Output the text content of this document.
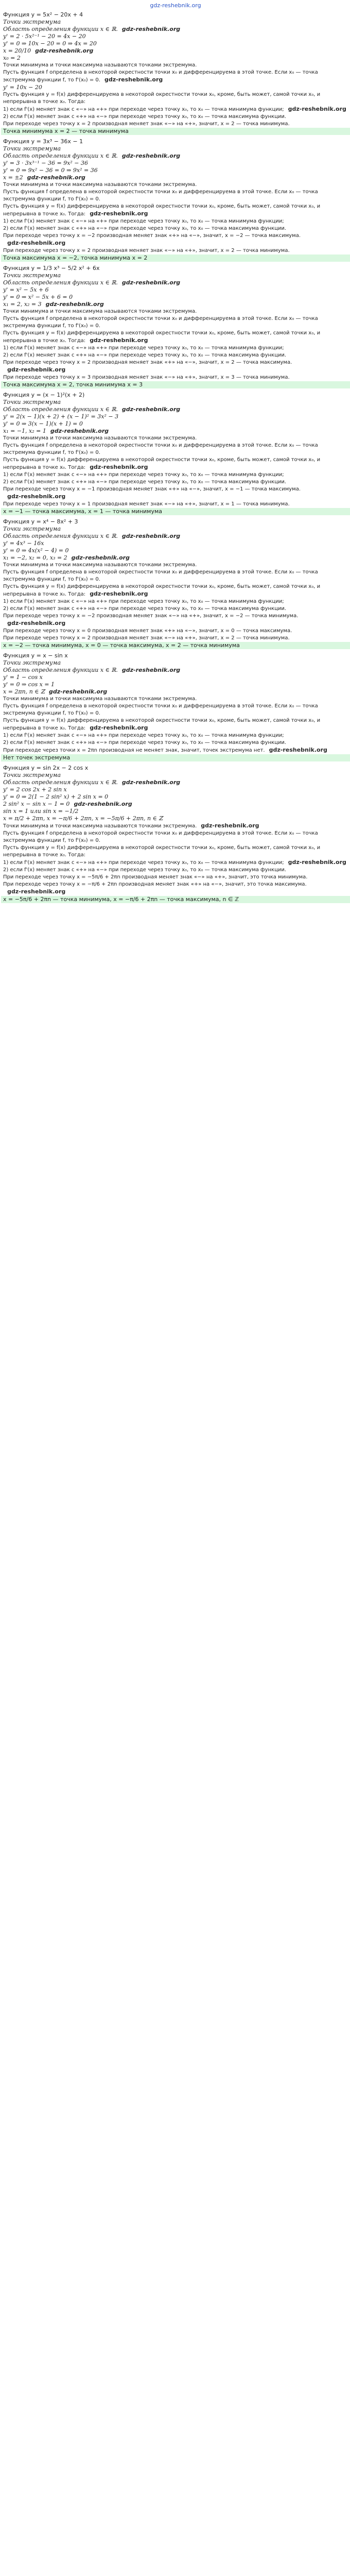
gdz-reshebnik.org

Функция y = 5x² − 20x + 4

Точки экстремума

Область определения функции x ∈ ℝ. gdz-reshebnik.org

y' = 2 · 5x²⁻¹ − 20 = 4x − 20

y' = 0 ⇒ 10x − 20 = 0 ⇒ 4x = 20

x = 20/10 gdz-reshebnik.org

x₀ = 2

Точки минимума и точки максимума называются точками экстремума.

Пусть функция f определена в некоторой окрестности точки x₀ и дифференцируема в этой точке. Если x₀ — точка экстремума функции f, то f'(x₀) = 0. gdz-reshebnik.org

y' = 10x − 20

Пусть функция y = f(x) дифференцируема в некоторой окрестности точки x₀, кроме, быть может, самой точки x₀, и непрерывна в точке x₀. Тогда:

1) если f'(x) меняет знак с «−» на «+» при переходе через точку x₀, то x₀ — точка минимума функции; gdz-reshebnik.org

2) если f'(x) меняет знак с «+» на «−» при переходе через точку x₀, то x₀ — точка максимума функции.

При переходе через точку x = 2 производная меняет знак «−» на «+», значит, x = 2 — точка минимума.

Точка минимума x = 2 — точка минимума

Функция y = 3x³ − 36x − 1

Точки экстремума

Область определения функции x ∈ ℝ. gdz-reshebnik.org

y' = 3 · 3x³⁻¹ − 36 = 9x² − 36

y' = 0 ⇒ 9x² − 36 = 0 ⇒ 9x² = 36

x = ±2 gdz-reshebnik.org

Точки минимума и точки максимума называются точками экстремума.

Пусть функция f определена в некоторой окрестности точки x₀ и дифференцируема в этой точке. Если x₀ — точка экстремума функции f, то f'(x₀) = 0.

Пусть функция y = f(x) дифференцируема в некоторой окрестности точки x₀, кроме, быть может, самой точки x₀, и непрерывна в точке x₀. Тогда: gdz-reshebnik.org

1) если f'(x) меняет знак с «−» на «+» при переходе через точку x₀, то x₀ — точка минимума функции;

2) если f'(x) меняет знак с «+» на «−» при переходе через точку x₀, то x₀ — точка максимума функции.

При переходе через точку x = −2 производная меняет знак «+» на «−», значит, x = −2 — точка максимума.gdz-reshebnik.org

При переходе через точку x = 2 производная меняет знак «−» на «+», значит, x = 2 — точка минимума.

Точка максимума x = −2, точка минимума x = 2

Функция y = 1/3 x³ − 5/2 x² + 6x

Точки экстремума

Область определения функции x ∈ ℝ. gdz-reshebnik.org

y' = x² − 5x + 6

y' = 0 ⇒ x² − 5x + 6 = 0

x₁ = 2, x₂ = 3 gdz-reshebnik.org

Точки минимума и точки максимума называются точками экстремума.

Пусть функция f определена в некоторой окрестности точки x₀ и дифференцируема в этой точке. Если x₀ — точка экстремума функции f, то f'(x₀) = 0.

Пусть функция y = f(x) дифференцируема в некоторой окрестности точки x₀, кроме, быть может, самой точки x₀, и непрерывна в точке x₀. Тогда: gdz-reshebnik.org

1) если f'(x) меняет знак с «−» на «+» при переходе через точку x₀, то x₀ — точка минимума функции;

2) если f'(x) меняет знак с «+» на «−» при переходе через точку x₀, то x₀ — точка максимума функции.

При переходе через точку x = 2 производная меняет знак «+» на «−», значит, x = 2 — точка максимума.gdz-reshebnik.org

При переходе через точку x = 3 производная меняет знак «−» на «+», значит, x = 3 — точка минимума.

Точка максимума x = 2, точка минимума x = 3

Функция y = (x − 1)²(x + 2)

Точки экстремума

Область определения функции x ∈ ℝ. gdz-reshebnik.org

y' = 2(x − 1)(x + 2) + (x − 1)² = 3x² − 3

y' = 0 ⇒ 3(x − 1)(x + 1) = 0

x₁ = −1, x₂ = 1 gdz-reshebnik.org

Точки минимума и точки максимума называются точками экстремума.

Пусть функция f определена в некоторой окрестности точки x₀ и дифференцируема в этой точке. Если x₀ — точка экстремума функции f, то f'(x₀) = 0.

Пусть функция y = f(x) дифференцируема в некоторой окрестности точки x₀, кроме, быть может, самой точки x₀, и непрерывна в точке x₀. Тогда: gdz-reshebnik.org

1) если f'(x) меняет знак с «−» на «+» при переходе через точку x₀, то x₀ — точка минимума функции;

2) если f'(x) меняет знак с «+» на «−» при переходе через точку x₀, то x₀ — точка максимума функции.

При переходе через точку x = −1 производная меняет знак «+» на «−», значит, x = −1 — точка максимума.gdz-reshebnik.org

При переходе через точку x = 1 производная меняет знак «−» на «+», значит, x = 1 — точка минимума.

x = −1 — точка максимума, x = 1 — точка минимума

Функция y = x⁴ − 8x² + 3

Точки экстремума

Область определения функции x ∈ ℝ. gdz-reshebnik.org

y' = 4x³ − 16x

y' = 0 ⇒ 4x(x² − 4) = 0

x₁ = −2, x₂ = 0, x₃ = 2 gdz-reshebnik.org

Точки минимума и точки максимума называются точками экстремума.

Пусть функция f определена в некоторой окрестности точки x₀ и дифференцируема в этой точке. Если x₀ — точка экстремума функции f, то f'(x₀) = 0.

Пусть функция y = f(x) дифференцируема в некоторой окрестности точки x₀, кроме, быть может, самой точки x₀, и непрерывна в точке x₀. Тогда: gdz-reshebnik.org

1) если f'(x) меняет знак с «−» на «+» при переходе через точку x₀, то x₀ — точка минимума функции;

2) если f'(x) меняет знак с «+» на «−» при переходе через точку x₀, то x₀ — точка максимума функции.

При переходе через точку x = −2 производная меняет знак «−» на «+», значит, x = −2 — точка минимума.gdz-reshebnik.org

При переходе через точку x = 0 производная меняет знак «+» на «−», значит, x = 0 — точка максимума.

При переходе через точку x = 2 производная меняет знак «−» на «+», значит, x = 2 — точка минимума.

x = −2 — точка минимума, x = 0 — точка максимума, x = 2 — точка минимума

Функция y = x − sin x

Точки экстремума

Область определения функции x ∈ ℝ. gdz-reshebnik.org

y' = 1 − cos x

y' = 0 ⇒ cos x = 1

x = 2πn, n ∈ ℤ gdz-reshebnik.org

Точки минимума и точки максимума называются точками экстремума.

Пусть функция f определена в некоторой окрестности точки x₀ и дифференцируема в этой точке. Если x₀ — точка экстремума функции f, то f'(x₀) = 0.

Пусть функция y = f(x) дифференцируема в некоторой окрестности точки x₀, кроме, быть может, самой точки x₀, и непрерывна в точке x₀. Тогда: gdz-reshebnik.org

1) если f'(x) меняет знак с «−» на «+» при переходе через точку x₀, то x₀ — точка минимума функции;

2) если f'(x) меняет знак с «+» на «−» при переходе через точку x₀, то x₀ — точка максимума функции.

При переходе через точки x = 2πn производная не меняет знак, значит, точек экстремума нет. gdz-reshebnik.org

Нет точек экстремума

Функция y = sin 2x − 2 cos x

Точки экстремума

Область определения функции x ∈ ℝ. gdz-reshebnik.org

y' = 2 cos 2x + 2 sin x

y' = 0 ⇒ 2(1 − 2 sin² x) + 2 sin x = 0

2 sin² x − sin x − 1 = 0 gdz-reshebnik.org

sin x = 1 или sin x = −1/2

x = π/2 + 2πn, x = −π/6 + 2πn, x = −5π/6 + 2πn, n ∈ ℤ

Точки минимума и точки максимума называются точками экстремума. gdz-reshebnik.org

Пусть функция f определена в некоторой окрестности точки x₀ и дифференцируема в этой точке. Если x₀ — точка экстремума функции f, то f'(x₀) = 0.

Пусть функция y = f(x) дифференцируема в некоторой окрестности точки x₀, кроме, быть может, самой точки x₀, и непрерывна в точке x₀. Тогда:

1) если f'(x) меняет знак с «−» на «+» при переходе через точку x₀, то x₀ — точка минимума функции; gdz-reshebnik.org

2) если f'(x) меняет знак с «+» на «−» при переходе через точку x₀, то x₀ — точка максимума функции.

При переходе через точку x = −5π/6 + 2πn производная меняет знак «−» на «+», значит, это точка минимума.

При переходе через точку x = −π/6 + 2πn производная меняет знак «+» на «−», значит, это точка максимума.gdz-reshebnik.org

x = −5π/6 + 2πn — точка минимума, x = −π/6 + 2πn — точка максимума, n ∈ ℤ
